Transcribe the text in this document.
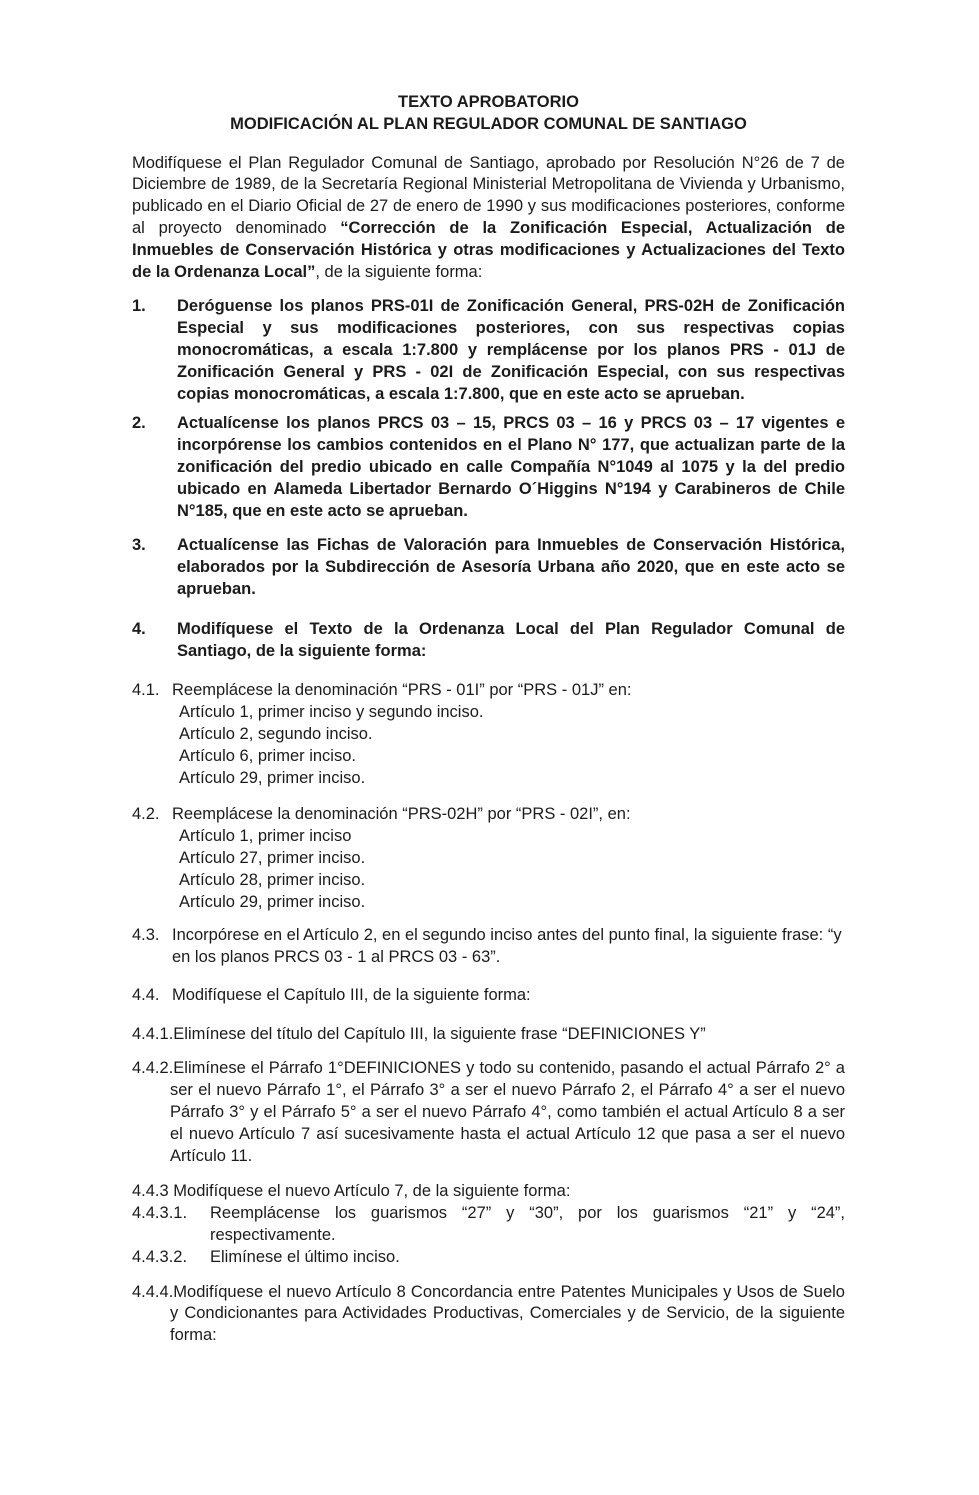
TEXTO APROBATORIO
MODIFICACIÓN AL PLAN REGULADOR COMUNAL DE SANTIAGO

Modifíquese el Plan Regulador Comunal de Santiago, aprobado por Resolución N°26 de 7 de Diciembre de 1989, de la Secretaría Regional Ministerial Metropolitana de Vivienda y Urbanismo, publicado en el Diario Oficial de 27 de enero de 1990 y sus modificaciones posteriores, conforme al proyecto denominado “Corrección de la Zonificación Especial, Actualización de Inmuebles de Conservación Histórica y otras modificaciones y Actualizaciones del Texto de la Ordenanza Local”, de la siguiente forma:

1. Deróguense los planos PRS-01I de Zonificación General, PRS-02H de Zonificación Especial y sus modificaciones posteriores, con sus respectivas copias monocromáticas, a escala 1:7.800 y remplácense por los planos PRS - 01J de Zonificación General y PRS - 02I de Zonificación Especial, con sus respectivas copias monocromáticas, a escala 1:7.800, que en este acto se aprueban.
2. Actualícense los planos PRCS 03 – 15, PRCS 03 – 16 y PRCS 03 – 17 vigentes e incorpórense los cambios contenidos en el Plano N° 177, que actualizan parte de la zonificación del predio ubicado en calle Compañía N°1049 al 1075 y la del predio ubicado en Alameda Libertador Bernardo O´Higgins N°194 y Carabineros de Chile N°185, que en este acto se aprueban.
3. Actualícense las Fichas de Valoración para Inmuebles de Conservación Histórica, elaborados por la Subdirección de Asesoría Urbana año 2020, que en este acto se aprueban.
4. Modifíquese el Texto de la Ordenanza Local del Plan Regulador Comunal de Santiago, de la siguiente forma:
4.1. Reemplácese la denominación “PRS - 01I” por “PRS - 01J” en:
Artículo 1, primer inciso y segundo inciso.
Artículo 2, segundo inciso.
Artículo 6, primer inciso.
Artículo 29, primer inciso.
4.2. Reemplácese la denominación “PRS-02H” por “PRS - 02I”, en:
Artículo 1, primer inciso
Artículo 27, primer inciso.
Artículo 28, primer inciso.
Artículo 29, primer inciso.
4.3. Incorpórese en el Artículo 2, en el segundo inciso antes del punto final, la siguiente frase: “y en los planos PRCS 03 - 1 al PRCS 03 - 63”.
4.4. Modifíquese el Capítulo III, de la siguiente forma:
4.4.1.Elimínese del título del Capítulo III, la siguiente frase “DEFINICIONES Y”
4.4.2.Elimínese el Párrafo 1°DEFINICIONES y todo su contenido, pasando el actual Párrafo 2° a ser el nuevo Párrafo 1°, el Párrafo 3° a ser el nuevo Párrafo 2, el Párrafo 4° a ser el nuevo Párrafo 3° y el Párrafo 5° a ser el nuevo Párrafo 4°, como también el actual Artículo 8 a ser el nuevo Artículo 7 así sucesivamente hasta el actual Artículo 12 que pasa a ser el nuevo Artículo 11.
4.4.3 Modifíquese el nuevo Artículo 7, de la siguiente forma:
4.4.3.1. Reemplácense los guarismos “27” y “30”, por los guarismos “21” y “24”, respectivamente.
4.4.3.2. Elimínese el último inciso.
4.4.4.Modifíquese el nuevo Artículo 8 Concordancia entre Patentes Municipales y Usos de Suelo y Condicionantes para Actividades Productivas, Comerciales y de Servicio, de la siguiente forma:
